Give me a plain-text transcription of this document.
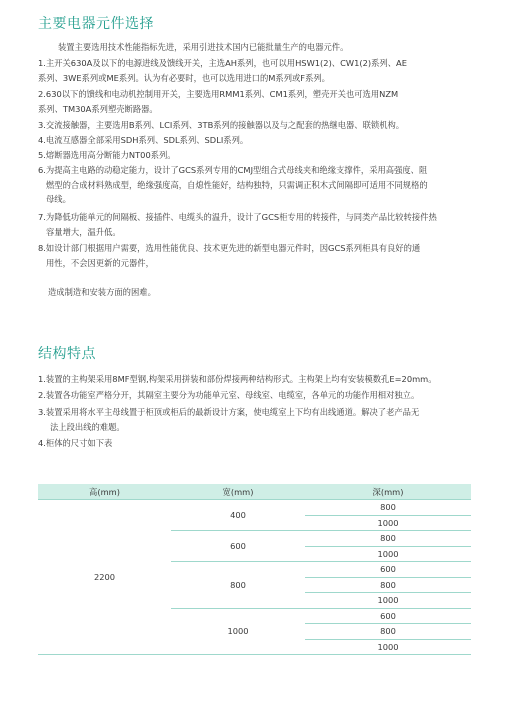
主要电器元件选择

装置主要选用技术性能指标先进，采用引进技术国内已能批量生产的电器元件。

1.主开关630A及以下的电源进线及馈线开关，主选AH系列，也可以用HSW1(2)、CW1(2)系列、AE
系列、3WE系列或ME系列。认为有必要时，也可以选用进口的M系列或F系列。

2.630以下的馈线和电动机控制用开关，主要选用RMM1系列、CM1系列，塑壳开关也可选用NZM
系列、TM30A系列塑壳断路器。

3.交流接触器，主要选用B系列、LCI系列、3TB系列的接触器以及与之配套的热继电器、联锁机构。

4.电流互感器全部采用SDH系列、SDL系列、SDLI系列。

5.熔断器选用高分断能力NT00系列。

6.为提高主电路的动稳定能力，设计了GCS系列专用的CMJ型组合式母线夹和绝缘支撑件，采用高强度、阻
燃型的合成材料熟成型，绝缘强度高，自熄性能好，结构独特，只需调正积木式间隔即可适用不同规格的
母线。

7.为降低功能单元的间隔板、接插件、电缆头的温升，设计了GCS柜专用的转接件，与同类产品比较转接件热
容量增大，温升低。

8.如设计部门根据用户需要，选用性能优良、技术更先进的新型电器元件时，因GCS系列柜具有良好的通
用性，不会因更新的元器件，

造成制造和安装方面的困难。

结构特点

1.装置的主构架采用8MF型钢,构架采用拼装和部份焊接两种结构形式。主构架上均有安装模数孔E=20mm。

2.装置各功能室严格分开，其隔室主要分为功能单元室、母线室、电缆室，各单元的功能作用相对独立。

3.装置采用将水平主母线置于柜顶或柜后的最新设计方案，使电缆室上下均有出线通道。解决了老产品无
法上段出线的难题。

4.柜体的尺寸如下表

高(mm)	宽(mm)	深(mm)
2200	400	800
		1000
	600	800
		1000
	800	600
		800
		1000
	1000	600
		800
		1000
